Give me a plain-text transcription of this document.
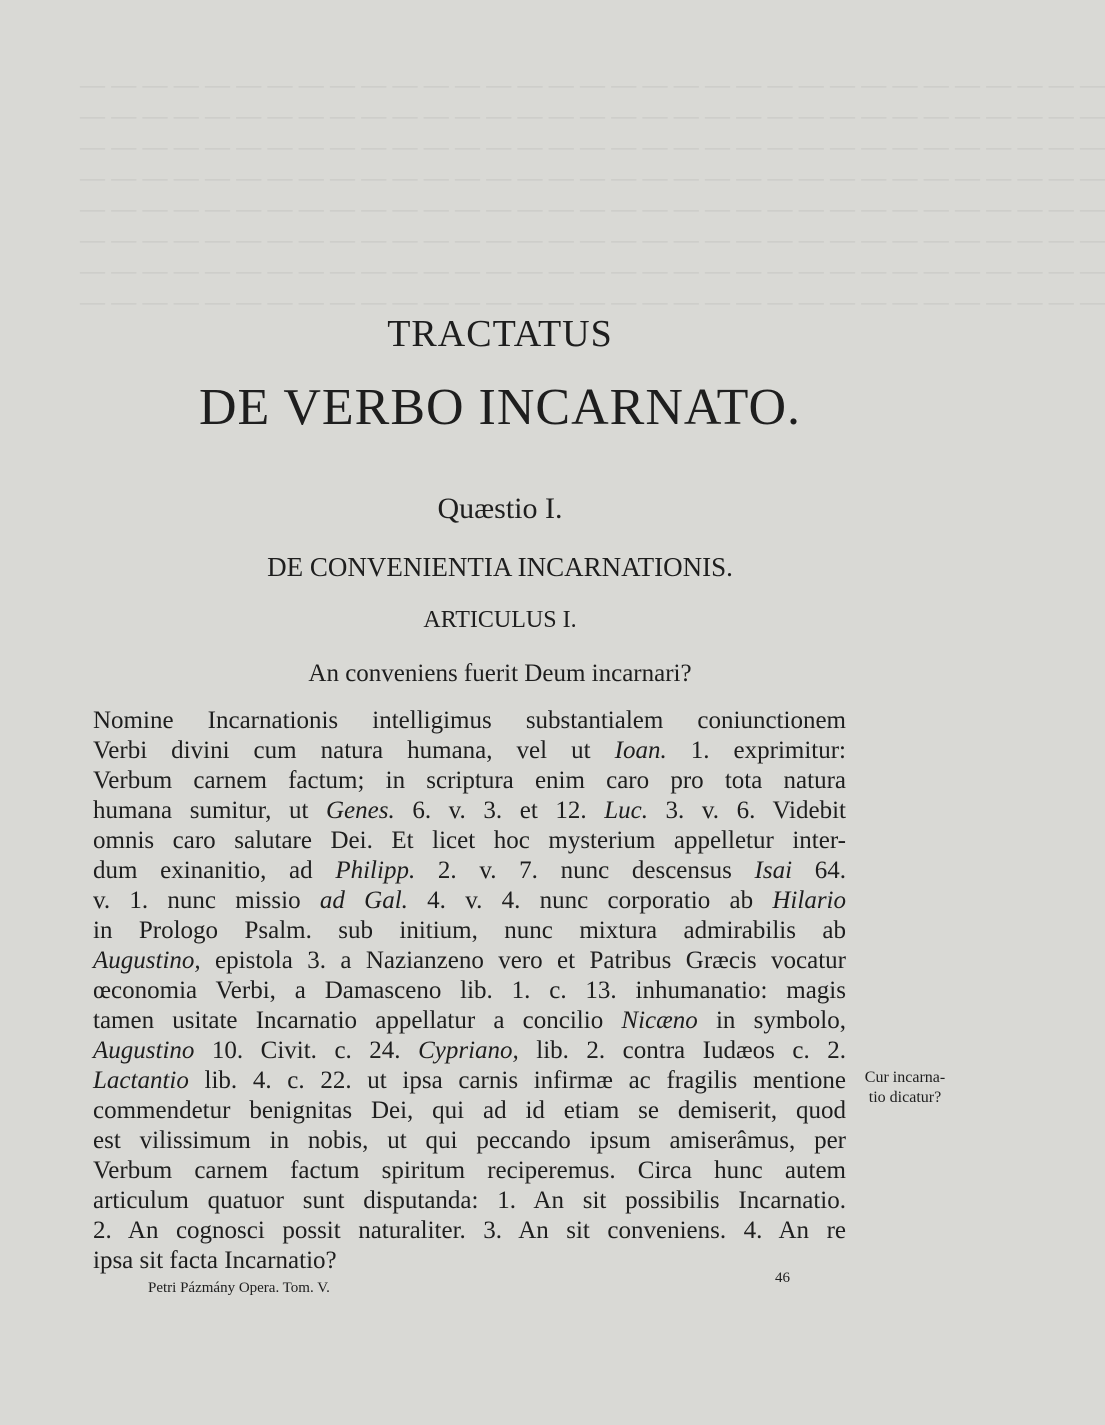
— — — — — — — — — — — — — — — — — — — — — — — — — — — — — — — — —
— — — — — — — — — — — — — — — — — — — — — — — — — — — — — — — — —
— — — — — — — — — — — — — — — — — — — — — — — — — — — — — — — — —
— — — — — — — — — — — — — — — — — — — — — — — — — — — — — — — — —
— — — — — — — — — — — — — — — — — — — — — — — — — — — — — — — — —
— — — — — — — — — — — — — — — — — — — — — — — — — — — — — — — — —
— — — — — — — — — — — — — — — — — — — — — — — — — — — — — — — — —
— — — — — — — — — — — — — — — — — — — — — — — — — — — — — — — — —
TRACTATUS
DE VERBO INCARNATO.
Quæstio I.
DE CONVENIENTIA INCARNATIONIS.
ARTICULUS I.
An conveniens fuerit Deum incarnari?
Nomine Incarnationis intelligimus substantialem coniunctionem
Verbi divini cum natura humana, vel ut Ioan. 1. exprimitur:
Verbum carnem factum; in scriptura enim caro pro tota natura
humana sumitur, ut Genes. 6. v. 3. et 12. Luc. 3. v. 6. Videbit
omnis caro salutare Dei. Et licet hoc mysterium appelletur inter-
dum exinanitio, ad Philipp. 2. v. 7. nunc descensus Isai 64.
v. 1. nunc missio ad Gal. 4. v. 4. nunc corporatio ab Hilario
in Prologo Psalm. sub initium, nunc mixtura admirabilis ab
Augustino, epistola 3. a Nazianzeno vero et Patribus Græcis vocatur
œconomia Verbi, a Damasceno lib. 1. c. 13. inhumanatio: magis
tamen usitate Incarnatio appellatur a concilio Nicæno in symbolo,
Augustino 10. Civit. c. 24. Cypriano, lib. 2. contra Iudæos c. 2.
Lactantio lib. 4. c. 22. ut ipsa carnis infirmæ ac fragilis mentione
commendetur benignitas Dei, qui ad id etiam se demiserit, quod
est vilissimum in nobis, ut qui peccando ipsum amiserâmus, per
Verbum carnem factum spiritum reciperemus. Circa hunc autem
articulum quatuor sunt disputanda: 1. An sit possibilis Incarnatio.
2. An cognosci possit naturaliter. 3. An sit conveniens. 4. An re
ipsa sit facta Incarnatio?
Cur incarna-
tio dicatur?
Petri Pázmány Opera. Tom. V.
46
